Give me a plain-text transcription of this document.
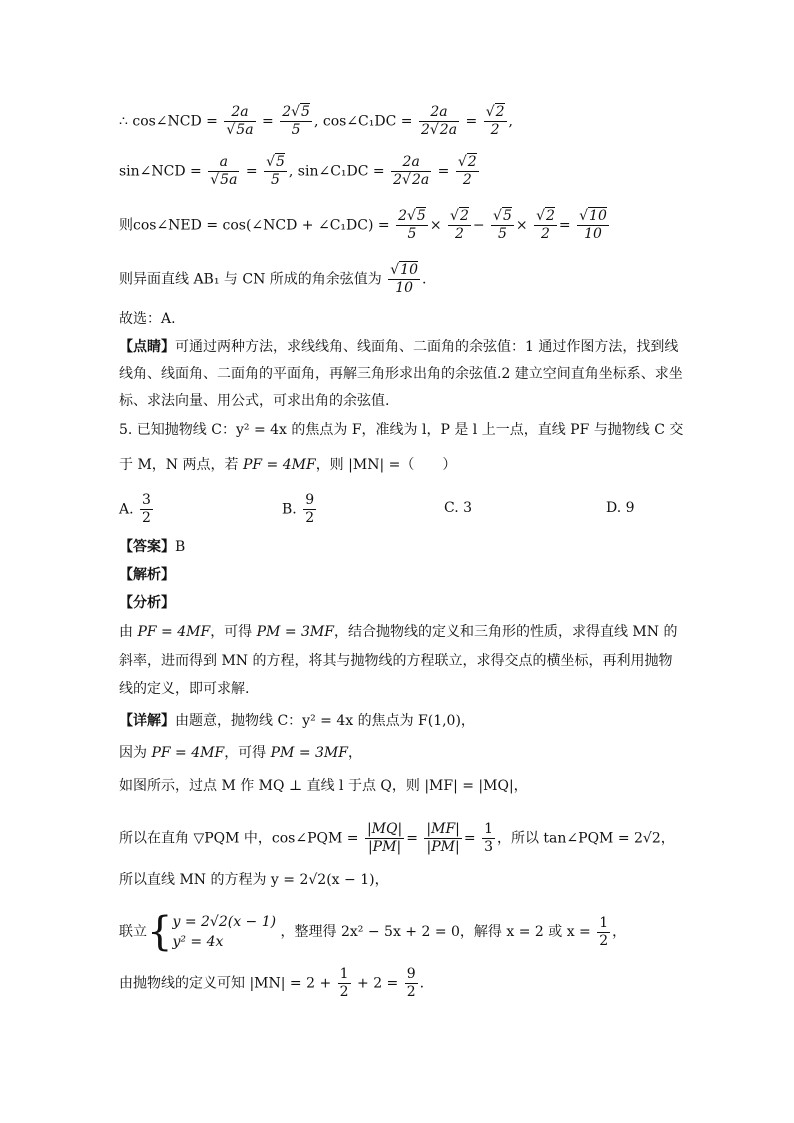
∴ cos∠NCD = $\frac{2a}{√5a} = \frac{2√5}{5}$ , cos∠C₁DC = $\frac{2a}{2√2a} = \frac{√2}{2}$ ,
sin∠NCD = $\frac{a}{√5a} = \frac{√5}{5}$ , sin∠C₁DC = $\frac{2a}{2√2a} = \frac{√2}{2}$
则cos∠NED = cos(∠NCD + ∠C₁DC) = $\frac{2√5}{5} \times \frac{√2}{2} - \frac{√5}{5} \times \frac{√2}{2} = \frac{√10}{10}$
则异面直线 AB₁ 与 CN 所成的角余弦值为 $\frac{√10}{10}$ .
故选：A.
【点睛】可通过两种方法，求线线角、线面角、二面角的余弦值：1 通过作图方法，找到线
线角、线面角、二面角的平面角，再解三角形求出角的余弦值.2 建立空间直角坐标系、求坐
标、求法向量、用公式，可求出角的余弦值.
5. 已知抛物线 C：y² = 4x 的焦点为 F，准线为 l，P 是 l 上一点，直线 PF 与抛物线 C 交
于 M，N 两点，若 PF = 4MF，则 |MN| =（　　）
A. $\frac{3}{2}$	B. $\frac{9}{2}$	C. 3	D. 9
【答案】B
【解析】
【分析】
由 PF = 4MF，可得 PM = 3MF，结合抛物线的定义和三角形的性质，求得直线 MN 的
斜率，进而得到 MN 的方程，将其与抛物线的方程联立，求得交点的横坐标，再利用抛物
线的定义，即可求解.
【详解】由题意，抛物线 C：y² = 4x 的焦点为 F(1,0)，
因为 PF = 4MF，可得 PM = 3MF，
如图所示，过点 M 作 MQ ⊥ 直线 l 于点 Q，则 |MF| = |MQ|，
所以在直角 ▽PQM 中，cos∠PQM = $\frac{|MQ|}{|PM|} = \frac{|MF|}{|PM|} = \frac{1}{3}$ ，所以 tan∠PQM = 2√2，
所以直线 MN 的方程为 y = 2√2(x − 1)，
联立{ y = 2√2(x − 1)
y² = 4x
，整理得 2x² − 5x + 2 = 0，解得 x = 2 或 $x = \frac{1}{2}$ ，
由抛物线的定义可知 $|MN| = 2 + \frac{1}{2} + 2 = \frac{9}{2}$ .
